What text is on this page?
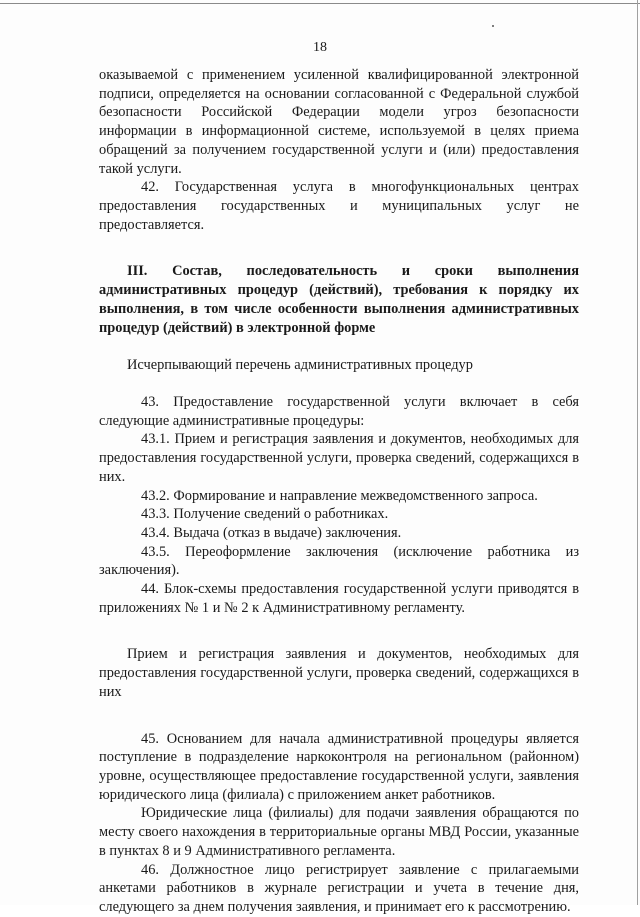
18

оказываемой с применением усиленной квалифицированной электронной подписи, определяется на основании согласованной с Федеральной службой безопасности Российской Федерации модели угроз безопасности информации в информационной системе, используемой в целях приема обращений за получением государственной услуги и (или) предоставления такой услуги.

42. Государственная услуга в многофункциональных центрах предоставления государственных и муниципальных услуг не предоставляется.

III. Состав, последовательность и сроки выполнения административных процедур (действий), требования к порядку их выполнения, в том числе особенности выполнения административных процедур (действий) в электронной форме

Исчерпывающий перечень административных процедур

43. Предоставление государственной услуги включает в себя следующие административные процедуры:

43.1. Прием и регистрация заявления и документов, необходимых для предоставления государственной услуги, проверка сведений, содержащихся в них.

43.2. Формирование и направление межведомственного запроса.

43.3. Получение сведений о работниках.

43.4. Выдача (отказ в выдаче) заключения.

43.5. Переоформление заключения (исключение работника из заключения).

44. Блок-схемы предоставления государственной услуги приводятся в приложениях № 1 и № 2 к Административному регламенту.

Прием и регистрация заявления и документов, необходимых для предоставления государственной услуги, проверка сведений, содержащихся в них

45. Основанием для начала административной процедуры является поступление в подразделение наркоконтроля на региональном (районном) уровне, осуществляющее предоставление государственной услуги, заявления юридического лица (филиала) с приложением анкет работников.

Юридические лица (филиалы) для подачи заявления обращаются по месту своего нахождения в территориальные органы МВД России, указанные в пунктах 8 и 9 Административного регламента.

46. Должностное лицо регистрирует заявление с прилагаемыми анкетами работников в журнале регистрации и учета в течение дня, следующего за днем получения заявления, и принимает его к рассмотрению.
